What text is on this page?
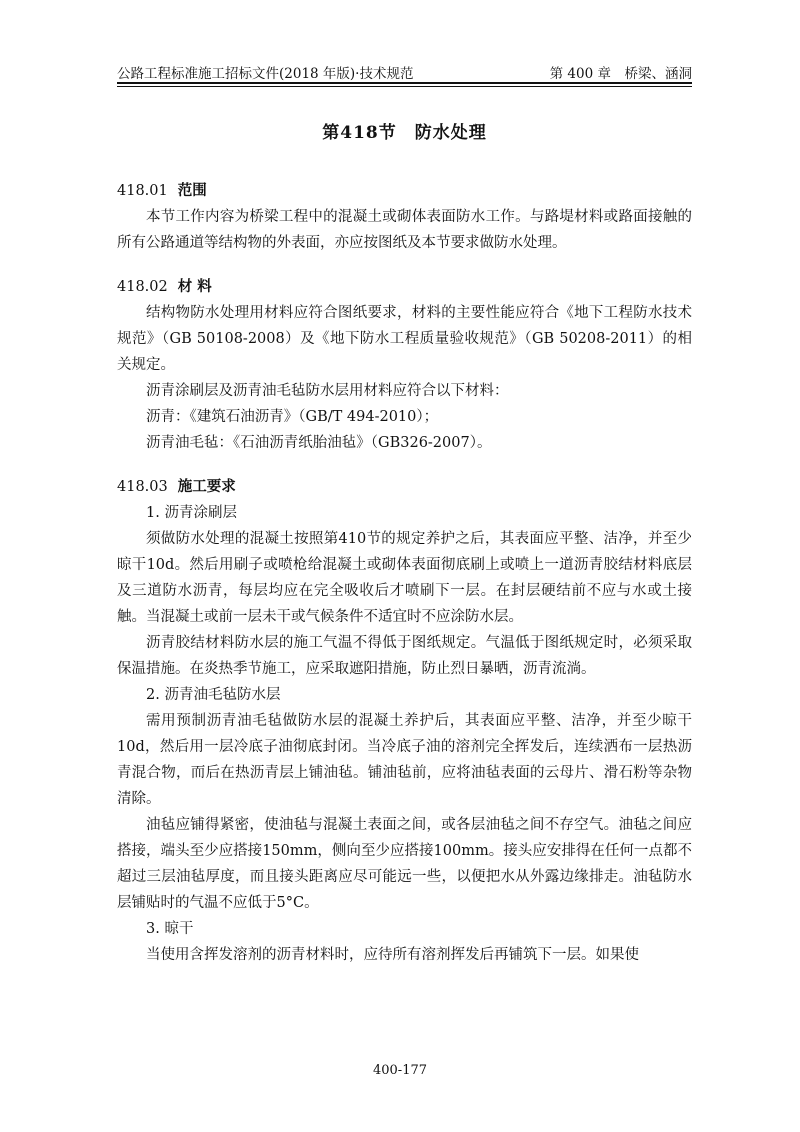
公路工程标准施工招标文件(2018 年版)·技术规范	第 400 章　桥梁、涵洞
第418节　防水处理

418.01 范围

本节工作内容为桥梁工程中的混凝土或砌体表面防水工作。与路堤材料或路面接触的所有公路通道等结构物的外表面，亦应按图纸及本节要求做防水处理。

418.02 材 料

结构物防水处理用材料应符合图纸要求，材料的主要性能应符合《地下工程防水技术规范》（GB 50108-2008）及《地下防水工程质量验收规范》（GB 50208-2011）的相关规定。

沥青涂刷层及沥青油毛毡防水层用材料应符合以下材料：

沥青：《建筑石油沥青》（GB/T 494-2010）；

沥青油毛毡：《石油沥青纸胎油毡》（GB326-2007）。

418.03 施工要求

1. 沥青涂刷层

须做防水处理的混凝土按照第410节的规定养护之后，其表面应平整、洁净，并至少晾干10d。然后用刷子或喷枪给混凝土或砌体表面彻底刷上或喷上一道沥青胶结材料底层及三道防水沥青，每层均应在完全吸收后才喷刷下一层。在封层硬结前不应与水或土接触。当混凝土或前一层未干或气候条件不适宜时不应涂防水层。

沥青胶结材料防水层的施工气温不得低于图纸规定。气温低于图纸规定时，必须采取保温措施。在炎热季节施工，应采取遮阳措施，防止烈日暴晒，沥青流淌。

2. 沥青油毛毡防水层

需用预制沥青油毛毡做防水层的混凝土养护后，其表面应平整、洁净，并至少晾干10d，然后用一层冷底子油彻底封闭。当冷底子油的溶剂完全挥发后，连续洒布一层热沥青混合物，而后在热沥青层上铺油毡。铺油毡前，应将油毡表面的云母片、滑石粉等杂物清除。

油毡应铺得紧密，使油毡与混凝土表面之间，或各层油毡之间不存空气。油毡之间应搭接，端头至少应搭接150mm，侧向至少应搭接100mm。接头应安排得在任何一点都不超过三层油毡厚度，而且接头距离应尽可能远一些，以便把水从外露边缘排走。油毡防水层铺贴时的气温不应低于5°C。

3. 晾干

当使用含挥发溶剂的沥青材料时，应待所有溶剂挥发后再铺筑下一层。如果使

400-177
